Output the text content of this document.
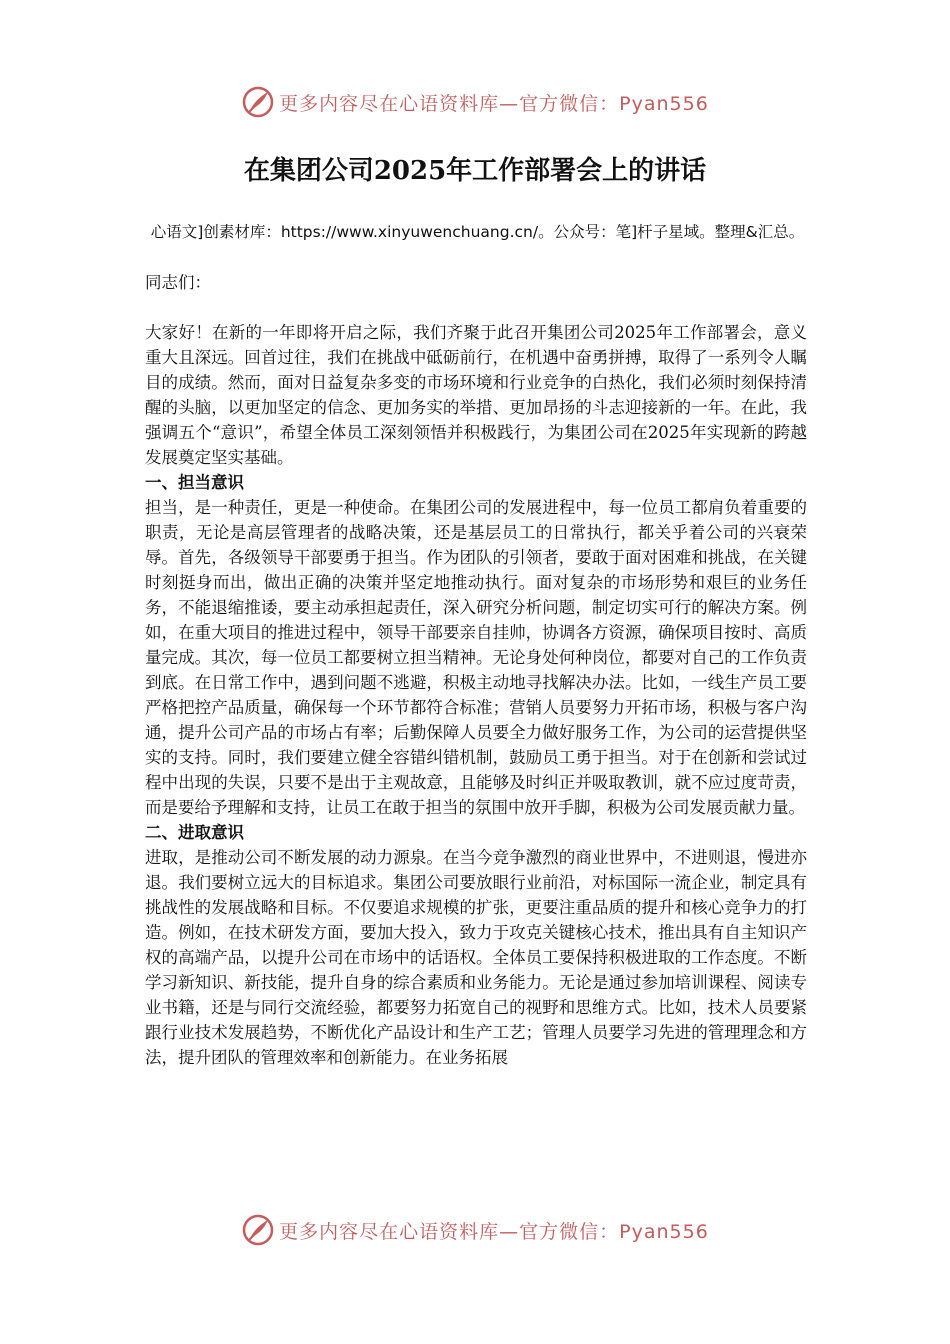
更多内容尽在心语资料库—官方微信：Pyan556
在集团公司2025年工作部署会上的讲话

心语文]创素材库：https://www.xinyuwenchuang.cn/。公众号：笔]杆子星域。整理&汇总。

同志们：

大家好！在新的一年即将开启之际，我们齐聚于此召开集团公司2025年工作部署会，意义重大且深远。回首过往，我们在挑战中砥砺前行，在机遇中奋勇拼搏，取得了一系列令人瞩目的成绩。然而，面对日益复杂多变的市场环境和行业竞争的白热化，我们必须时刻保持清醒的头脑，以更加坚定的信念、更加务实的举措、更加昂扬的斗志迎接新的一年。在此，我强调五个“意识”，希望全体员工深刻领悟并积极践行，为集团公司在2025年实现新的跨越发展奠定坚实基础。

一、担当意识

担当，是一种责任，更是一种使命。在集团公司的发展进程中，每一位员工都肩负着重要的职责，无论是高层管理者的战略决策，还是基层员工的日常执行，都关乎着公司的兴衰荣辱。首先，各级领导干部要勇于担当。作为团队的引领者，要敢于面对困难和挑战，在关键时刻挺身而出，做出正确的决策并坚定地推动执行。面对复杂的市场形势和艰巨的业务任务，不能退缩推诿，要主动承担起责任，深入研究分析问题，制定切实可行的解决方案。例如，在重大项目的推进过程中，领导干部要亲自挂帅，协调各方资源，确保项目按时、高质量完成。其次，每一位员工都要树立担当精神。无论身处何种岗位，都要对自己的工作负责到底。在日常工作中，遇到问题不逃避，积极主动地寻找解决办法。比如，一线生产员工要严格把控产品质量，确保每一个环节都符合标准；营销人员要努力开拓市场，积极与客户沟通，提升公司产品的市场占有率；后勤保障人员要全力做好服务工作，为公司的运营提供坚实的支持。同时，我们要建立健全容错纠错机制，鼓励员工勇于担当。对于在创新和尝试过程中出现的失误，只要不是出于主观故意，且能够及时纠正并吸取教训，就不应过度苛责，而是要给予理解和支持，让员工在敢于担当的氛围中放开手脚，积极为公司发展贡献力量。

二、进取意识

进取，是推动公司不断发展的动力源泉。在当今竞争激烈的商业世界中，不进则退，慢进亦退。我们要树立远大的目标追求。集团公司要放眼行业前沿，对标国际一流企业，制定具有挑战性的发展战略和目标。不仅要追求规模的扩张，更要注重品质的提升和核心竞争力的打造。例如，在技术研发方面，要加大投入，致力于攻克关键核心技术，推出具有自主知识产权的高端产品，以提升公司在市场中的话语权。全体员工要保持积极进取的工作态度。不断学习新知识、新技能，提升自身的综合素质和业务能力。无论是通过参加培训课程、阅读专业书籍，还是与同行交流经验，都要努力拓宽自己的视野和思维方式。比如，技术人员要紧跟行业技术发展趋势，不断优化产品设计和生产工艺；管理人员要学习先进的管理理念和方法，提升团队的管理效率和创新能力。在业务拓展

更多内容尽在心语资料库—官方微信：Pyan556
